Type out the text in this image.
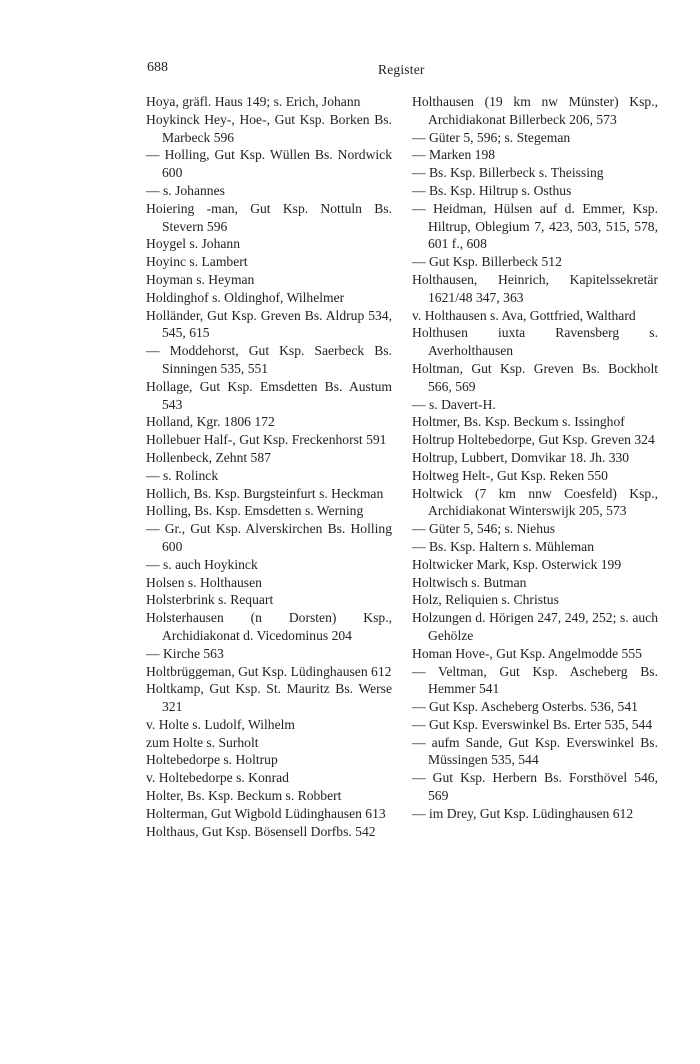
688	Register
Hoya, gräfl. Haus 149; s. Erich, Johann
Hoykinck Hey-, Hoe-, Gut Ksp. Borken Bs. Marbeck 596
— Holling, Gut Ksp. Wüllen Bs. Nordwick 600
— s. Johannes
Hoiering -man, Gut Ksp. Nottuln Bs. Stevern 596
Hoygel s. Johann
Hoyinc s. Lambert
Hoyman s. Heyman
Holdinghof s. Oldinghof, Wilhelmer
Holländer, Gut Ksp. Greven Bs. Aldrup 534, 545, 615
— Moddehorst, Gut Ksp. Saerbeck Bs. Sinningen 535, 551
Hollage, Gut Ksp. Emsdetten Bs. Austum 543
Holland, Kgr. 1806 172
Hollebuer Half-, Gut Ksp. Freckenhorst 591
Hollenbeck, Zehnt 587
— s. Rolinck
Hollich, Bs. Ksp. Burgsteinfurt s. Heckman
Holling, Bs. Ksp. Emsdetten s. Werning
— Gr., Gut Ksp. Alverskirchen Bs. Holling 600
— s. auch Hoykinck
Holsen s. Holthausen
Holsterbrink s. Requart
Holsterhausen (n Dorsten) Ksp., Archidiakonat d. Vicedominus 204
— Kirche 563
Holtbrüggeman, Gut Ksp. Lüdinghausen 612
Holtkamp, Gut Ksp. St. Mauritz Bs. Werse 321
v. Holte s. Ludolf, Wilhelm
zum Holte s. Surholt
Holtebedorpe s. Holtrup
v. Holtebedorpe s. Konrad
Holter, Bs. Ksp. Beckum s. Robbert
Holterman, Gut Wigbold Lüdinghausen 613
Holthaus, Gut Ksp. Bösensell Dorfbs. 542
Holthausen (19 km nw Münster) Ksp., Archidiakonat Billerbeck 206, 573
— Güter 5, 596; s. Stegeman
— Marken 198
— Bs. Ksp. Billerbeck s. Theissing
— Bs. Ksp. Hiltrup s. Osthus
— Heidman, Hülsen auf d. Emmer, Ksp. Hiltrup, Oblegium 7, 423, 503, 515, 578, 601 f., 608
— Gut Ksp. Billerbeck 512
Holthausen, Heinrich, Kapitelssekretär 1621/48 347, 363
v. Holthausen s. Ava, Gottfried, Walthard
Holthusen iuxta Ravensberg s. Averholthausen
Holtman, Gut Ksp. Greven Bs. Bockholt 566, 569
— s. Davert-H.
Holtmer, Bs. Ksp. Beckum s. Issinghof
Holtrup Holtebedorpe, Gut Ksp. Greven 324
Holtrup, Lubbert, Domvikar 18. Jh. 330
Holtweg Helt-, Gut Ksp. Reken 550
Holtwick (7 km nnw Coesfeld) Ksp., Archidiakonat Winterswijk 205, 573
— Güter 5, 546; s. Niehus
— Bs. Ksp. Haltern s. Mühleman
Holtwicker Mark, Ksp. Osterwick 199
Holtwisch s. Butman
Holz, Reliquien s. Christus
Holzungen d. Hörigen 247, 249, 252; s. auch Gehölze
Homan Hove-, Gut Ksp. Angelmodde 555
— Veltman, Gut Ksp. Ascheberg Bs. Hemmer 541
— Gut Ksp. Ascheberg Osterbs. 536, 541
— Gut Ksp. Everswinkel Bs. Erter 535, 544
— aufm Sande, Gut Ksp. Everswinkel Bs. Müssingen 535, 544
— Gut Ksp. Herbern Bs. Forsthövel 546, 569
— im Drey, Gut Ksp. Lüdinghausen 612
